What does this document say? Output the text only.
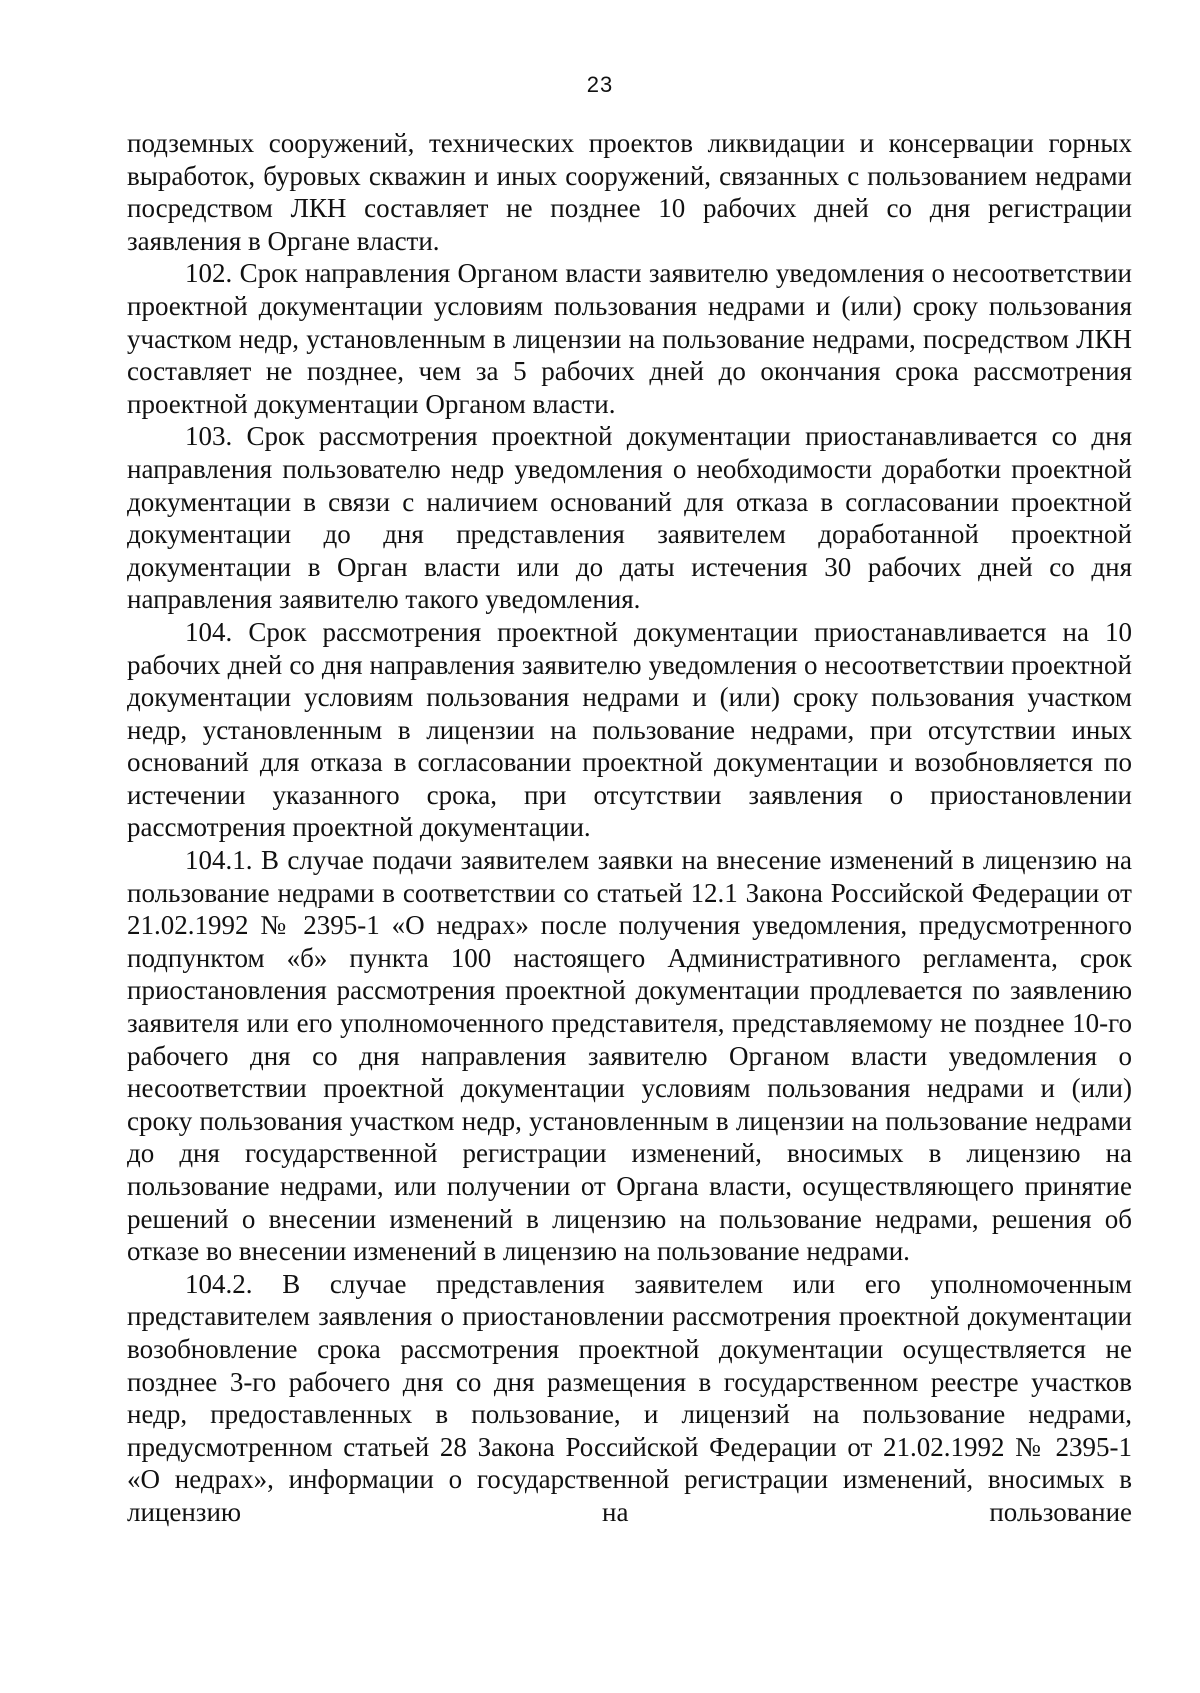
23

подземных сооружений, технических проектов ликвидации и консервации горных выработок, буровых скважин и иных сооружений, связанных с пользованием недрами посредством ЛКН составляет не позднее 10 рабочих дней со дня регистрации заявления в Органе власти.

102. Срок направления Органом власти заявителю уведомления о несоответствии проектной документации условиям пользования недрами и (или) сроку пользования участком недр, установленным в лицензии на пользование недрами, посредством ЛКН составляет не позднее, чем за 5 рабочих дней до окончания срока рассмотрения проектной документации Органом власти.

103. Срок рассмотрения проектной документации приостанавливается со дня направления пользователю недр уведомления о необходимости доработки проектной документации в связи с наличием оснований для отказа в согласовании проектной документации до дня представления заявителем доработанной проектной документации в Орган власти или до даты истечения 30 рабочих дней со дня направления заявителю такого уведомления.

104. Срок рассмотрения проектной документации приостанавливается на 10 рабочих дней со дня направления заявителю уведомления о несоответствии проектной документации условиям пользования недрами и (или) сроку пользования участком недр, установленным в лицензии на пользование недрами, при отсутствии иных оснований для отказа в согласовании проектной документации и возобновляется по истечении указанного срока, при отсутствии заявления о приостановлении рассмотрения проектной документации.

104.1. В случае подачи заявителем заявки на внесение изменений в лицензию на пользование недрами в соответствии со статьей 12.1 Закона Российской Федерации от 21.02.1992 № 2395-1 «О недрах» после получения уведомления, предусмотренного подпунктом «б» пункта 100 настоящего Административного регламента, срок приостановления рассмотрения проектной документации продлевается по заявлению заявителя или его уполномоченного представителя, представляемому не позднее 10-го рабочего дня со дня направления заявителю Органом власти уведомления о несоответствии проектной документации условиям пользования недрами и (или) сроку пользования участком недр, установленным в лицензии на пользование недрами до дня государственной регистрации изменений, вносимых в лицензию на пользование недрами, или получении от Органа власти, осуществляющего принятие решений о внесении изменений в лицензию на пользование недрами, решения об отказе во внесении изменений в лицензию на пользование недрами.

104.2. В случае представления заявителем или его уполномоченным представителем заявления о приостановлении рассмотрения проектной документации возобновление срока рассмотрения проектной документации осуществляется не позднее 3-го рабочего дня со дня размещения в государственном реестре участков недр, предоставленных в пользование, и лицензий на пользование недрами, предусмотренном статьей 28 Закона Российской Федерации от 21.02.1992 № 2395-1 «О недрах», информации о государственной регистрации изменений, вносимых в лицензию на пользование
